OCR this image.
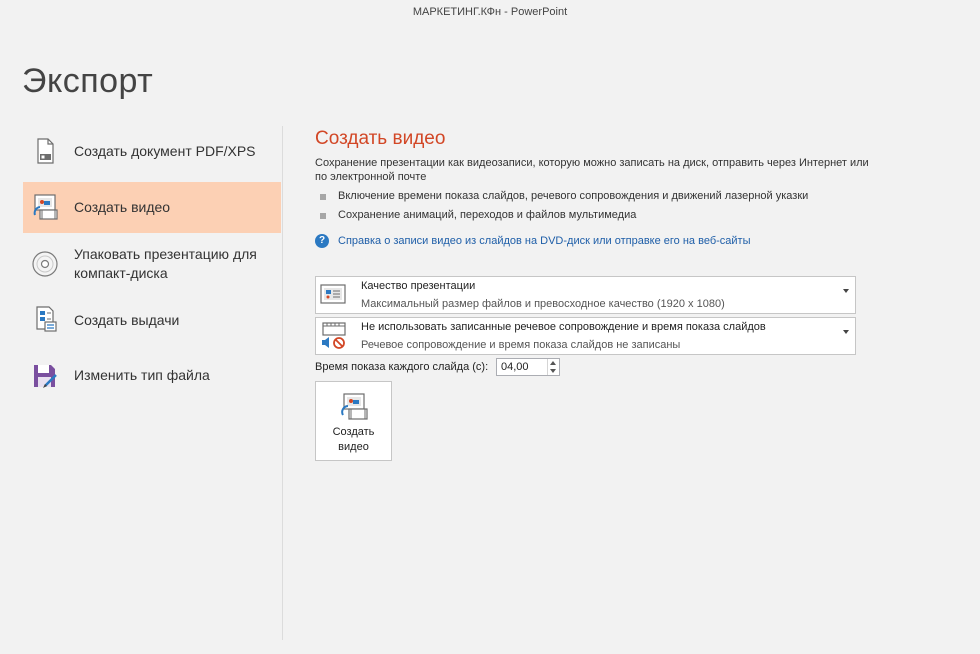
МАРКЕТИНГ.КФн - PowerPoint
Экспорт
Создать документ PDF/XPS
Создать видео
Упаковать презентацию для
компакт-диска
Создать выдачи
Изменить тип файла
Создать видео
Сохранение презентации как видеозаписи, которую можно записать на диск, отправить через Интернет или по электронной почте
Включение времени показа слайдов, речевого сопровождения и движений лазерной указки
Сохранение анимаций, переходов и файлов мультимедиа
?	Справка о записи видео из слайдов на DVD-диск или отправке его на веб-сайты
Качество презентации
Максимальный размер файлов и превосходное качество (1920 x 1080)
Не использовать записанные речевое сопровождение и время показа слайдов
Речевое сопровождение и время показа слайдов не записаны
Время показа каждого слайда (с):
04,00
Создать
видео
